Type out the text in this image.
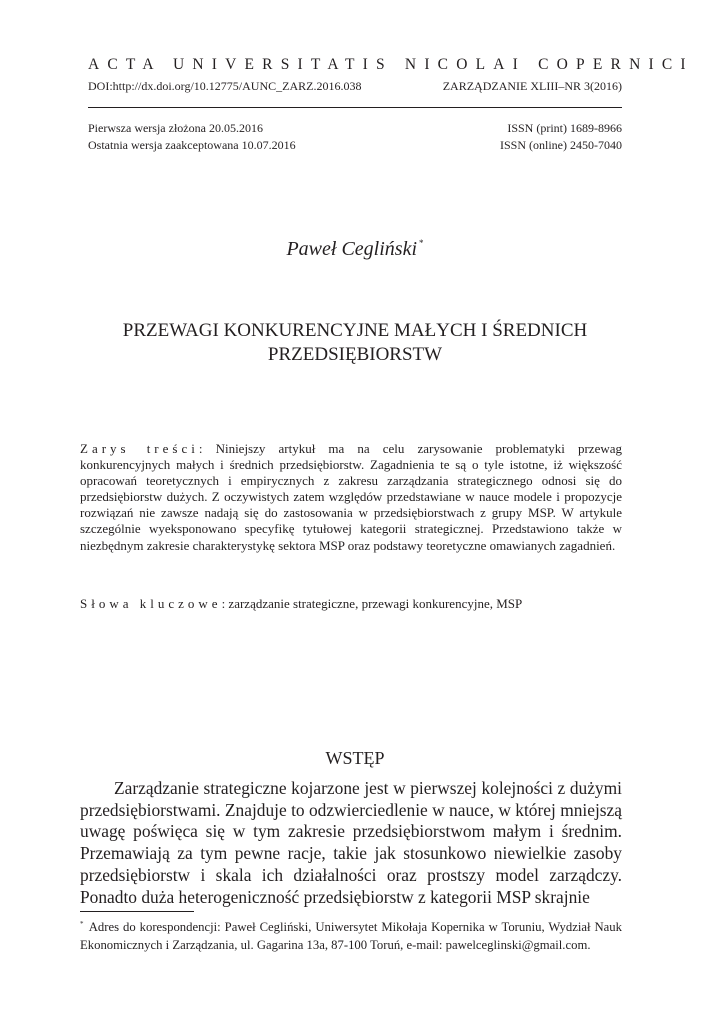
ACTA UNIVERSITATIS NICOLAI COPERNICI
DOI:http://dx.doi.org/10.12775/AUNC_ZARZ.2016.038	ZARZĄDZANIE XLIII–NR 3(2016)
Pierwsza wersja złożona 20.05.2016	ISSN (print) 1689-8966
Ostatnia wersja zaakceptowana 10.07.2016	ISSN (online) 2450-7040
Paweł Cegliński *
PRZEWAGI KONKURENCYJNE MAŁYCH I ŚREDNICH
PRZEDSIĘBIORSTW
Zarys treści: Niniejszy artykuł ma na celu zarysowanie problematyki przewag konkurencyjnych małych i średnich przedsiębiorstw. Zagadnienia te są o tyle istotne, iż większość opracowań teoretycznych i empirycznych z zakresu zarządzania strategicznego odnosi się do przedsiębiorstw dużych. Z oczywistych zatem względów przedstawiane w nauce modele i propozycje rozwiązań nie zawsze nadają się do zastosowania w przedsiębiorstwach z grupy MSP. W artykule szczególnie wyeksponowano specyfikę tytułowej kategorii strategicznej. Przedstawiono także w niezbędnym zakresie charakterystykę sektora MSP oraz podstawy teoretyczne omawianych zagadnień.
Słowa kluczowe: zarządzanie strategiczne, przewagi konkurencyjne, MSP
WSTĘP
Zarządzanie strategiczne kojarzone jest w pierwszej kolejności z dużymi przedsiębiorstwami. Znajduje to odzwierciedlenie w nauce, w której mniejszą uwagę poświęca się w tym zakresie przedsiębiorstwom małym i średnim. Przemawiają za tym pewne racje, takie jak stosunkowo niewielkie zasoby przedsiębiorstw i skala ich działalności oraz prostszy model zarządczy. Ponadto duża heterogeniczność przedsiębiorstw z kategorii MSP skrajnie
* Adres do korespondencji: Paweł Cegliński, Uniwersytet Mikołaja Kopernika w Toruniu, Wydział Nauk Ekonomicznych i Zarządzania, ul. Gagarina 13a, 87-100 Toruń, e-mail: pawelceglinski@gmail.com.
